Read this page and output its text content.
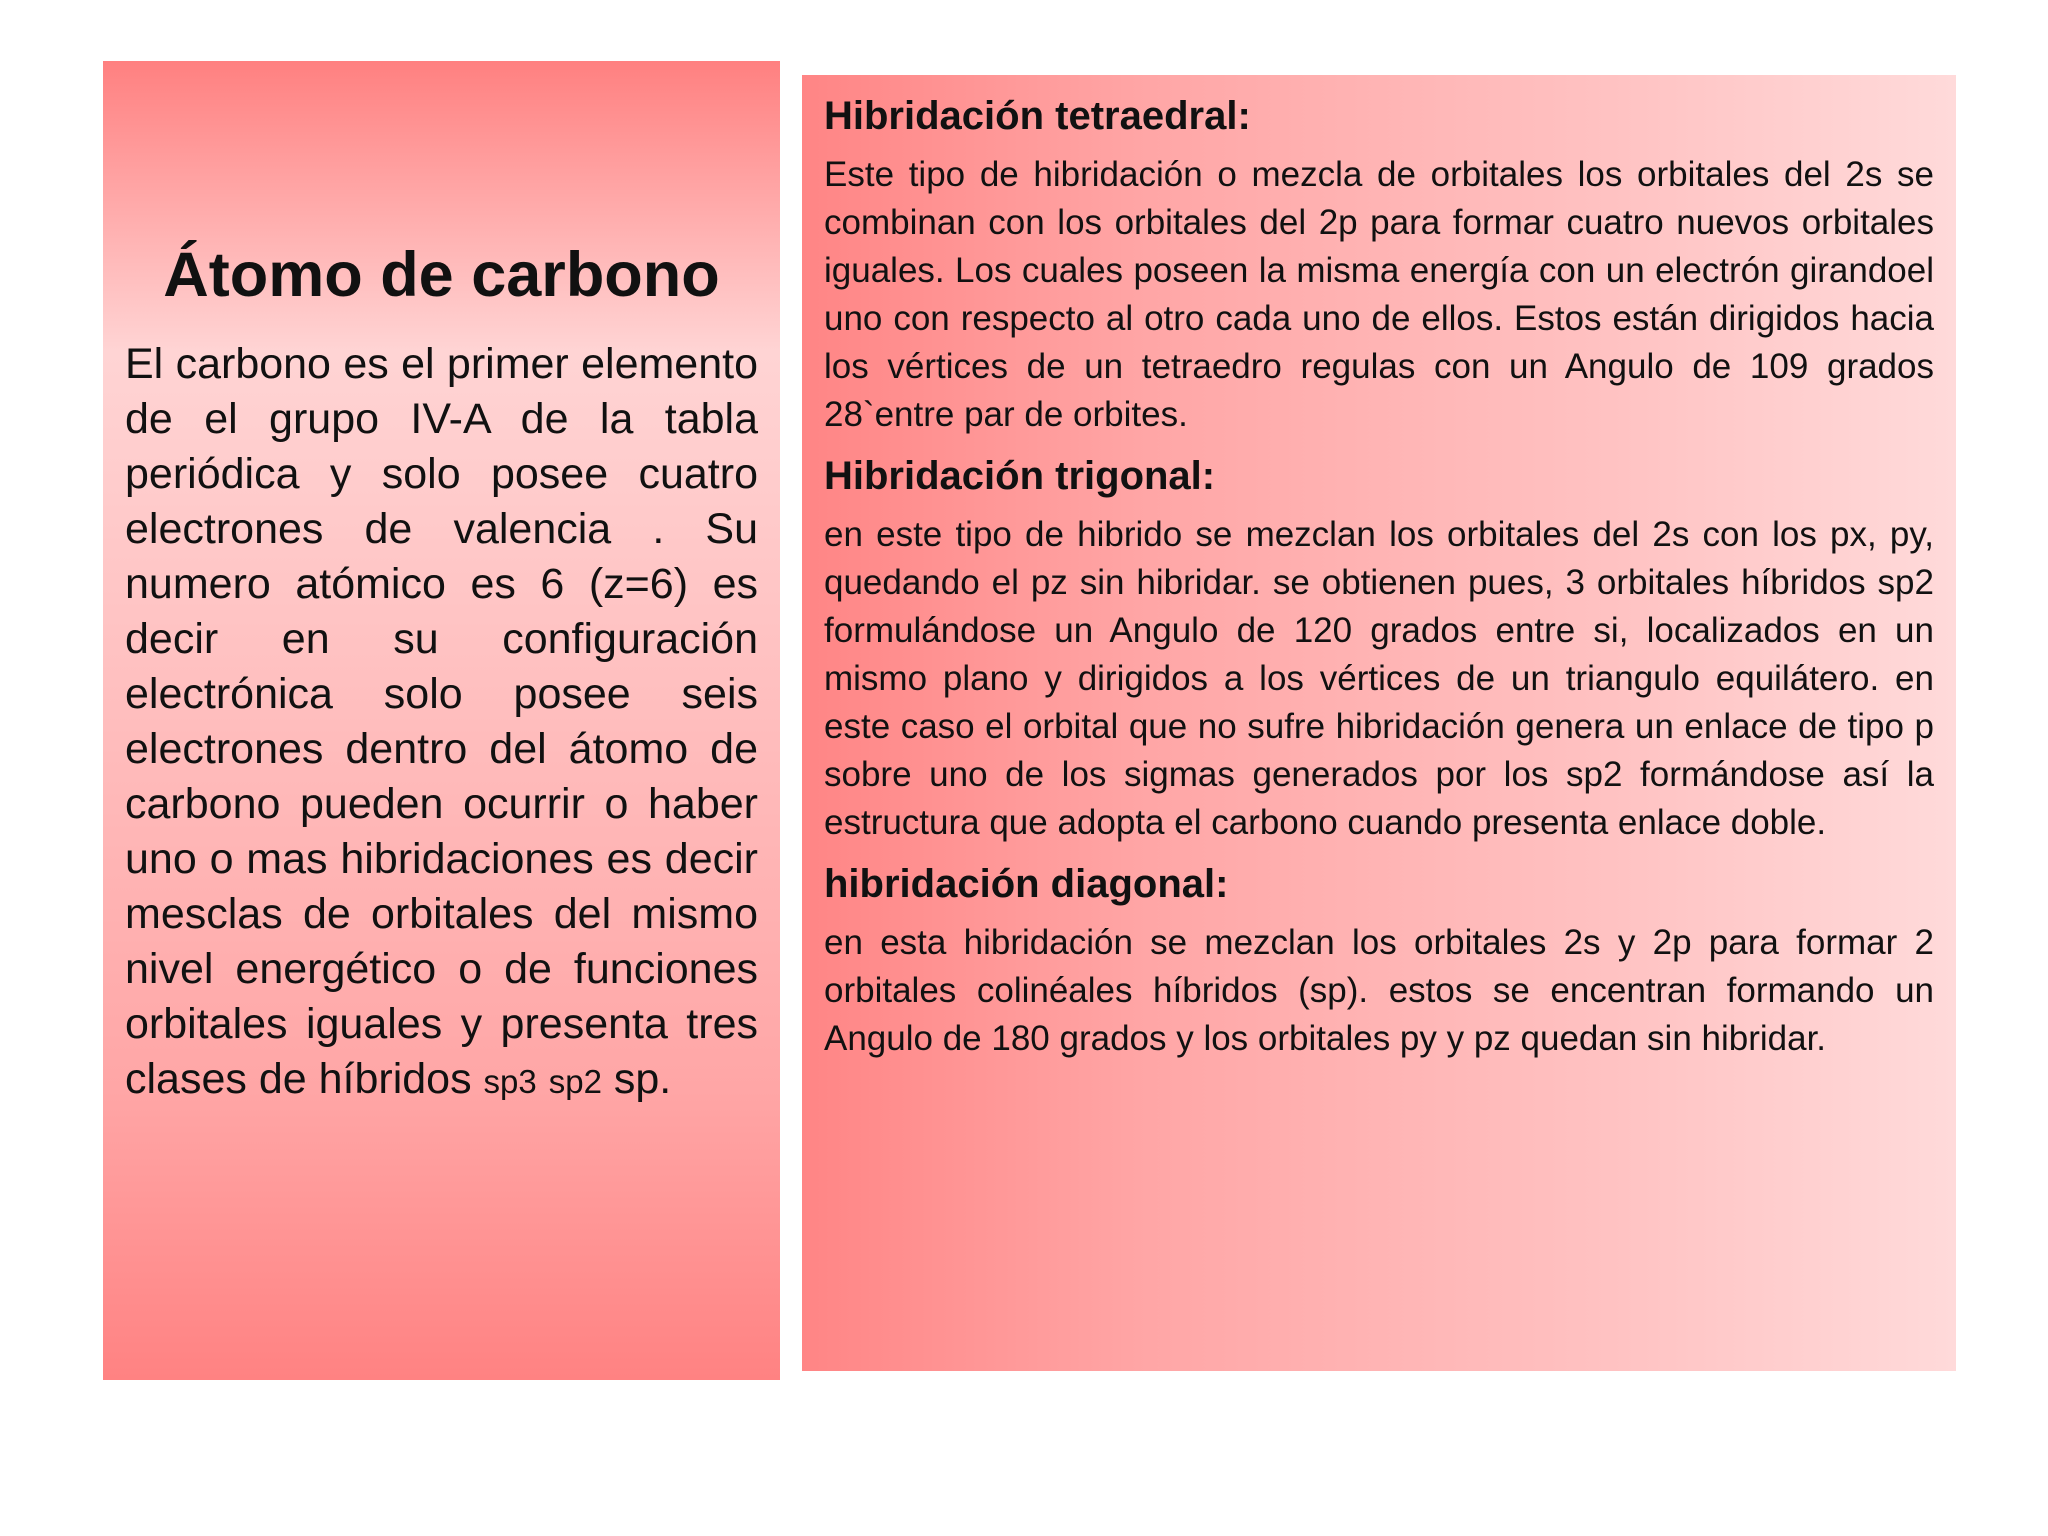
Átomo de carbono
El carbono es el primer elemento de el grupo IV-A de la tabla periódica y solo posee cuatro electrones de valencia . Su numero atómico es 6 (z=6) es decir en su configuración electrónica solo posee seis electrones dentro del átomo de carbono pueden ocurrir o haber uno o mas hibridaciones es decir mesclas de orbitales del mismo nivel energético o de funciones orbitales iguales y presenta tres clases de híbridos sp3 sp2 sp.
Hibridación tetraedral:
Este tipo de hibridación o mezcla de orbitales los orbitales del 2s se combinan con los orbitales del 2p para formar cuatro nuevos orbitales iguales. Los cuales poseen la misma energía con un electrón girandoel uno con respecto al otro cada uno de ellos. Estos están dirigidos hacia los vértices de un tetraedro regulas con un Angulo de 109 grados 28`entre par de orbites.
Hibridación trigonal:
en este tipo de hibrido se mezclan los orbitales del 2s con los px, py, quedando el pz sin hibridar. se obtienen pues, 3 orbitales híbridos sp2 formulándose un Angulo de 120 grados entre si, localizados en un mismo plano y dirigidos a los vértices de un triangulo equilátero. en este caso el orbital que no sufre hibridación genera un enlace de tipo p sobre uno de los sigmas generados por los sp2 formándose así la estructura que adopta el carbono cuando presenta enlace doble.
hibridación diagonal:
en esta hibridación se mezclan los orbitales 2s y 2p para formar 2 orbitales colinéales híbridos (sp). estos se encentran formando un Angulo de 180 grados y los orbitales py y pz quedan sin hibridar.
